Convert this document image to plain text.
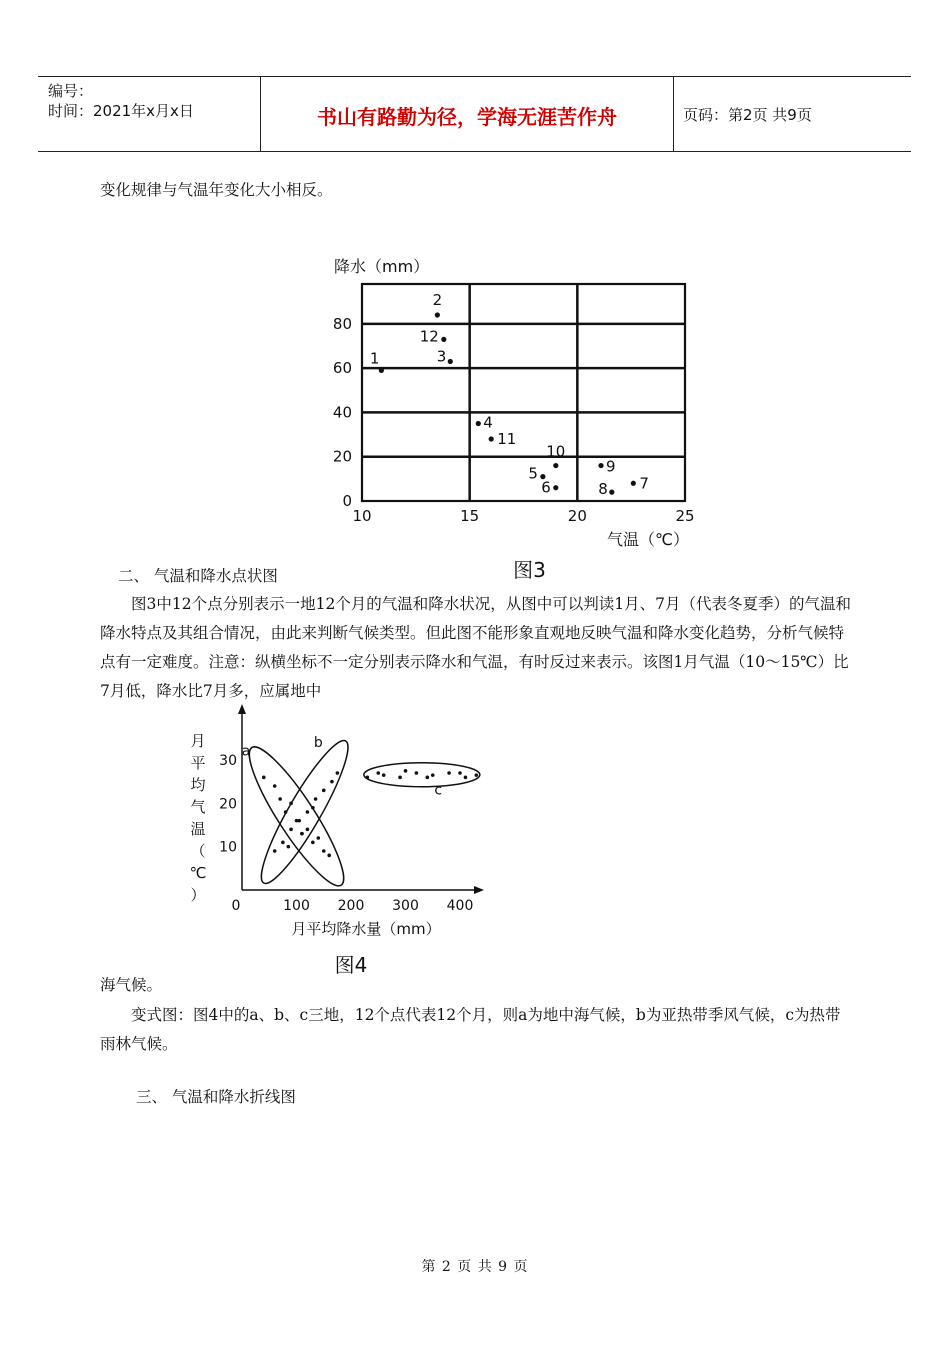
编号：
时间：2021年x月x日	书山有路勤为径，学海无涯苦作舟	页码：第2页 共9页

变化规律与气温年变化大小相反。

10	15	20	25
0
20
40
60
80
降水（mm）
气温（℃）
图3
1
2
3
4
5
6	7
8
9
10
11
12

二、 气温和降水点状图

图3中12个点分别表示一地12个月的气温和降水状况，从图中可以判读1月、7月（代表冬夏季）的气温和降水特点及其组合情况，由此来判断气候类型。但此图不能形象直观地反映气温和降水变化趋势，分析气候特点有一定难度。注意：纵横坐标不一定分别表示降水和气温，有时反过来表示。该图1月气温（10～15℃）比7月低，降水比7月多，应属地中

10
20
30
0	100 200 300 400
月
平
均
气
温
（
℃
）
月平均降水量（mm）
图4
a
b
c

海气候。

变式图：图4中的a、b、c三地，12个点代表12个月，则a为地中海气候，b为亚热带季风气候，c为热带雨林气候。

三、 气温和降水折线图

第 2 页 共 9 页
